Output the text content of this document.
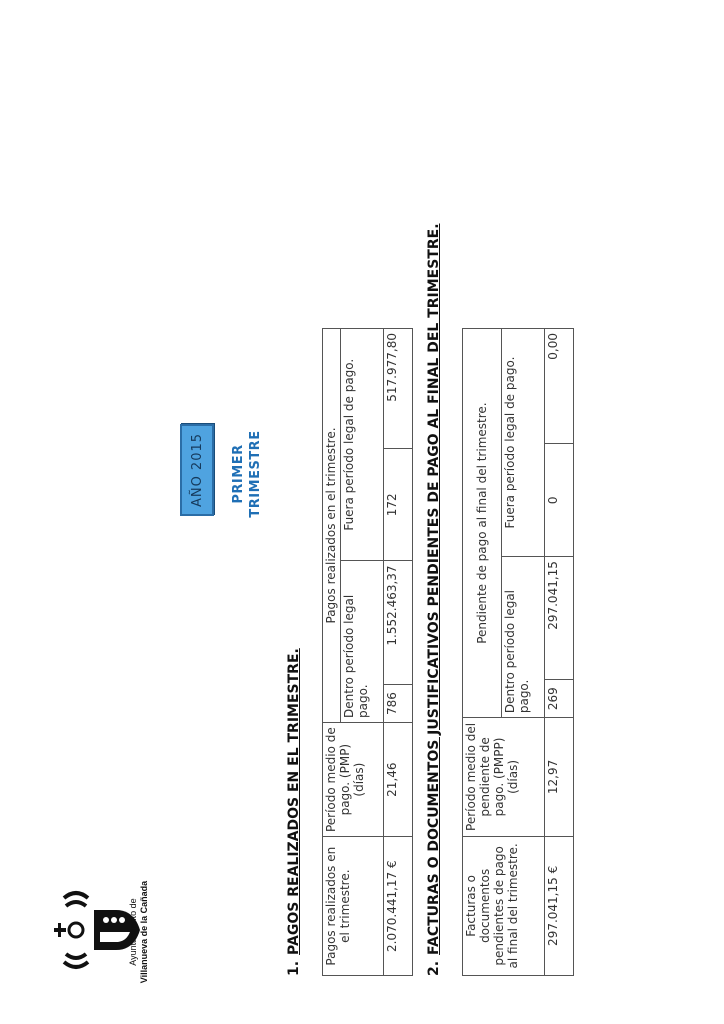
Ayuntamiento de Villanueva de la Cañada
AÑO 2015	PRIMER TRIMESTRE
1.PAGOS REALIZADOS EN EL TRIMESTRE. Pagos realizados en el trimestre.	Período medio de pago. (PMP) (días)	Pagos realizados en el trimestre.			
		Dentro período legal pago.		Fuera período legal de pago.	
2.070.441,17 €	21,46	786	1.552.463,37	172	517.977,80
2.FACTURAS O DOCUMENTOS JUSTIFICATIVOS PENDIENTES DE PAGO AL FINAL DEL TRIMESTRE. Facturas o documentos pendientes de pago al final del trimestre.	Período medio del pendiente de pago. (PMPP) (días)	Pendiente de pago al final del trimestre.			
		Dentro período legal pago.		Fuera período legal de pago.	
297.041,15 €	12,97	269	297.041,15	0	0,00
